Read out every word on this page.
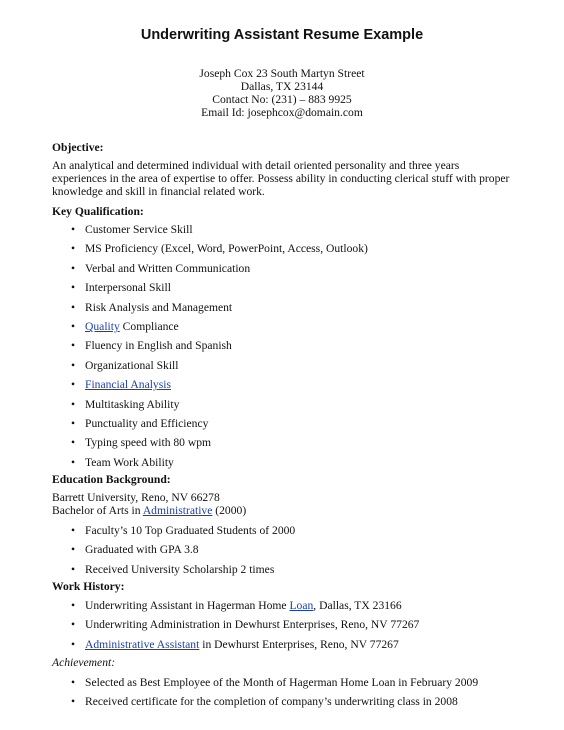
Underwriting Assistant Resume Example
Joseph Cox 23 South Martyn Street
Dallas, TX 23144
Contact No: (231) – 883 9925
Email Id: josephcox@domain.com
Objective:
An analytical and determined individual with detail oriented personality and three years experiences in the area of expertise to offer. Possess ability in conducting clerical stuff with proper knowledge and skill in financial related work.
Key Qualification:
• Customer Service Skill
• MS Proficiency (Excel, Word, PowerPoint, Access, Outlook)
• Verbal and Written Communication
• Interpersonal Skill
• Risk Analysis and Management
• Quality Compliance
• Fluency in English and Spanish
• Organizational Skill
• Financial Analysis
• Multitasking Ability
• Punctuality and Efficiency
• Typing speed with 80 wpm
• Team Work Ability
Education Background:
Barrett University, Reno, NV 66278
Bachelor of Arts in Administrative (2000)
• Faculty’s 10 Top Graduated Students of 2000
• Graduated with GPA 3.8
• Received University Scholarship 2 times
Work History:
• Underwriting Assistant in Hagerman Home Loan, Dallas, TX 23166
• Underwriting Administration in Dewhurst Enterprises, Reno, NV 77267
• Administrative Assistant in Dewhurst Enterprises, Reno, NV 77267
Achievement:
• Selected as Best Employee of the Month of Hagerman Home Loan in February 2009
• Received certificate for the completion of company’s underwriting class in 2008
